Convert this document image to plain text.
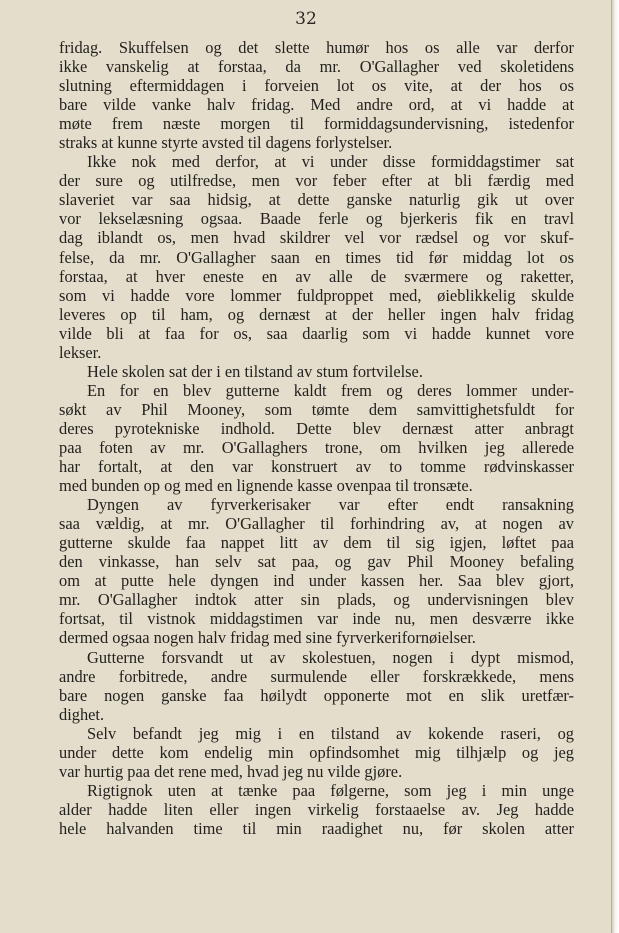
32
fridag. Skuffelsen og det slette humør hos os alle var derfor
ikke vanskelig at forstaa, da mr. O'Gallagher ved skoletidens
slutning eftermiddagen i forveien lot os vite, at der hos os
bare vilde vanke halv fridag. Med andre ord, at vi hadde at
møte frem næste morgen til formiddagsundervisning, istedenfor
straks at kunne styrte avsted til dagens forlystelser.
Ikke nok med derfor, at vi under disse formiddagstimer sat
der sure og utilfredse, men vor feber efter at bli færdig med
slaveriet var saa hidsig, at dette ganske naturlig gik ut over
vor lekselæsning ogsaa. Baade ferle og bjerkeris fik en travl
dag iblandt os, men hvad skildrer vel vor rædsel og vor skuf-
felse, da mr. O'Gallagher saan en times tid før middag lot os
forstaa, at hver eneste en av alle de sværmere og raketter,
som vi hadde vore lommer fuldproppet med, øieblikkelig skulde
leveres op til ham, og dernæst at der heller ingen halv fridag
vilde bli at faa for os, saa daarlig som vi hadde kunnet vore
lekser.
Hele skolen sat der i en tilstand av stum fortvilelse.
En for en blev gutterne kaldt frem og deres lommer under-
søkt av Phil Mooney, som tømte dem samvittighetsfuldt for
deres pyrotekniske indhold. Dette blev dernæst atter anbragt
paa foten av mr. O'Gallaghers trone, om hvilken jeg allerede
har fortalt, at den var konstruert av to tomme rødvinskasser
med bunden op og med en lignende kasse ovenpaa til tronsæte.
Dyngen av fyrverkerisaker var efter endt ransakning
saa vældig, at mr. O'Gallagher til forhindring av, at nogen av
gutterne skulde faa nappet litt av dem til sig igjen, løftet paa
den vinkasse, han selv sat paa, og gav Phil Mooney befaling
om at putte hele dyngen ind under kassen her. Saa blev gjort,
mr. O'Gallagher indtok atter sin plads, og undervisningen blev
fortsat, til vistnok middagstimen var inde nu, men desværre ikke
dermed ogsaa nogen halv fridag med sine fyrverkerifornøielser.
Gutterne forsvandt ut av skolestuen, nogen i dypt mismod,
andre forbitrede, andre surmulende eller forskrækkede, mens
bare nogen ganske faa høilydt opponerte mot en slik uretfær-
dighet.
Selv befandt jeg mig i en tilstand av kokende raseri, og
under dette kom endelig min opfindsomhet mig tilhjælp og jeg
var hurtig paa det rene med, hvad jeg nu vilde gjøre.
Rigtignok uten at tænke paa følgerne, som jeg i min unge
alder hadde liten eller ingen virkelig forstaaelse av. Jeg hadde
hele halvanden time til min raadighet nu, før skolen atter
